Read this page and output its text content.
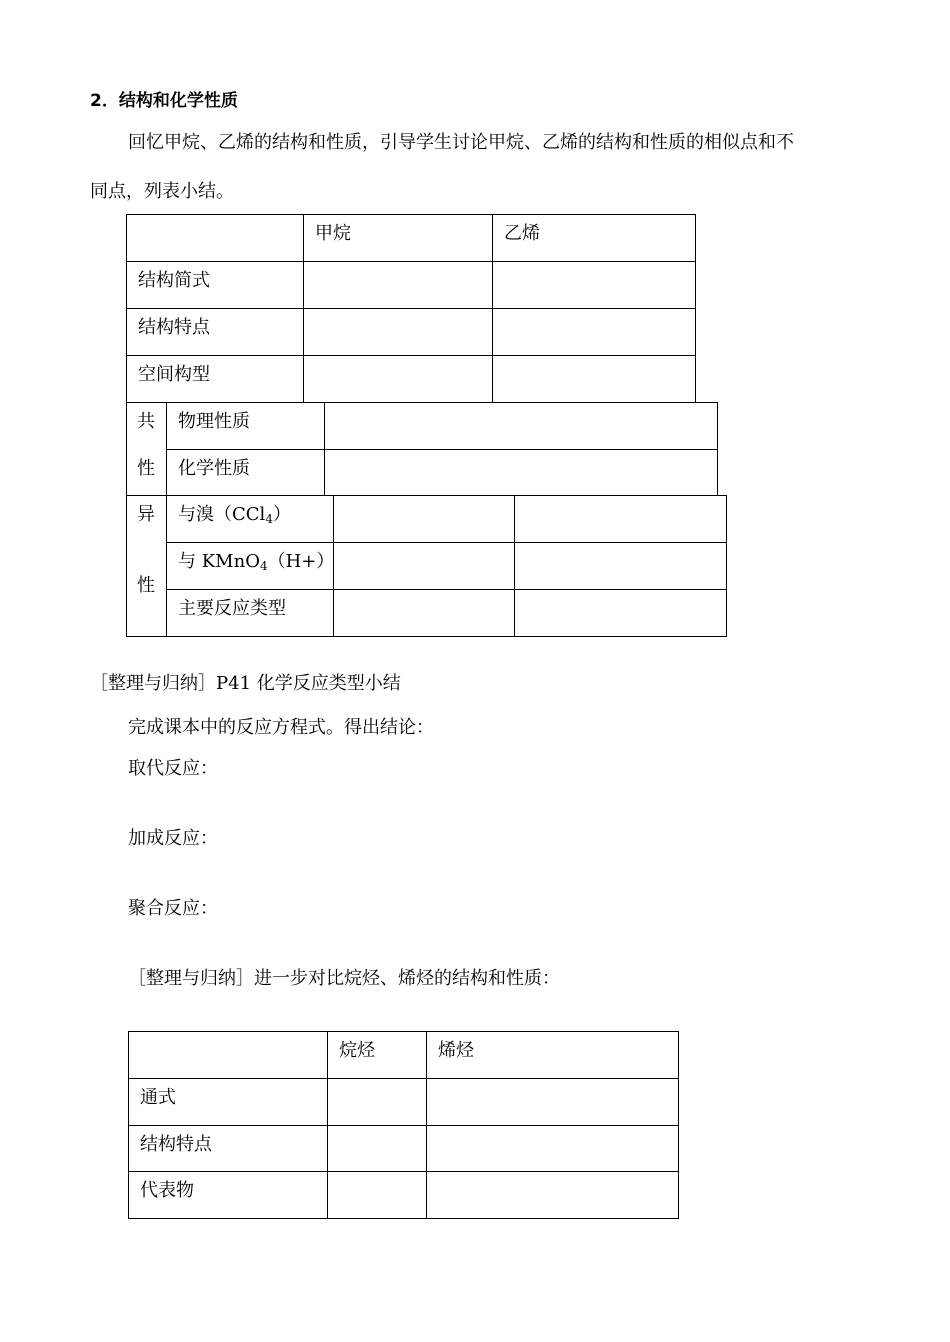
2．结构和化学性质
回忆甲烷、乙烯的结构和性质，引导学生讨论甲烷、乙烯的结构和性质的相似点和不
同点，列表小结。
甲烷	乙烯
结构简式
结构特点
空间构型
共
性
物理性质
化学性质
异
性
与溴（CCl$_4$）
与 KMnO$_4$（H+）
主要反应类型
［整理与归纳］P41 化学反应类型小结
完成课本中的反应方程式。得出结论：
取代反应：
加成反应：
聚合反应：
［整理与归纳］进一步对比烷烃、烯烃的结构和性质：
烷烃	烯烃
通式
结构特点
代表物
